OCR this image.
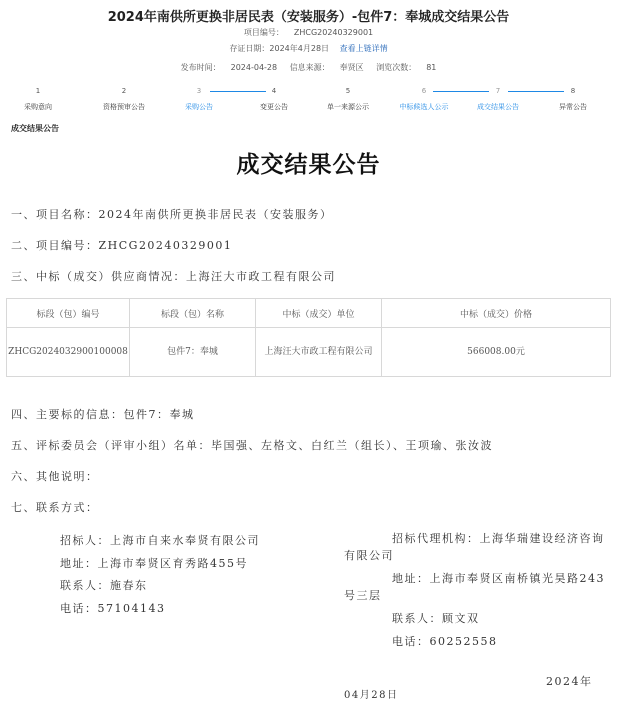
2024年南供所更换非居民表（安装服务）-包件7：奉城成交结果公告
项目编号： ZHCG20240329001
存证日期：2024年4月28日 查看上链详情
发布时间： 2024-04-28 信息来源： 奉贤区 浏览次数： 81
1
采购意向
2
资格预审公告
3
采购公告
4
变更公告
5
单一来源公示
6
中标候选人公示
7
成交结果公告
8
异常公告
成交结果公告
成交结果公告
一、项目名称：2024年南供所更换非居民表（安装服务）
二、项目编号：ZHCG20240329001
三、中标（成交）供应商情况：上海汪大市政工程有限公司
标段（包）编号	标段（包）名称	中标（成交）单位	中标（成交）价格
ZHCG2024032900100008	包件7：奉城	上海汪大市政工程有限公司	566008.00元
四、主要标的信息：包件7：奉城
五、评标委员会（评审小组）名单：毕国强、左格文、白红兰（组长）、王项瑜、张汝波
六、其他说明：
七、联系方式：
招标人：上海市自来水奉贤有限公司
地址：上海市奉贤区育秀路455号
联系人：施春东
电话：57104143
招标代理机构：上海华瑞建设经济咨询有限公司
地址：上海市奉贤区南桥镇光昊路243号三层
联系人：顾文双
电话：60252558
2024年
04月28日
